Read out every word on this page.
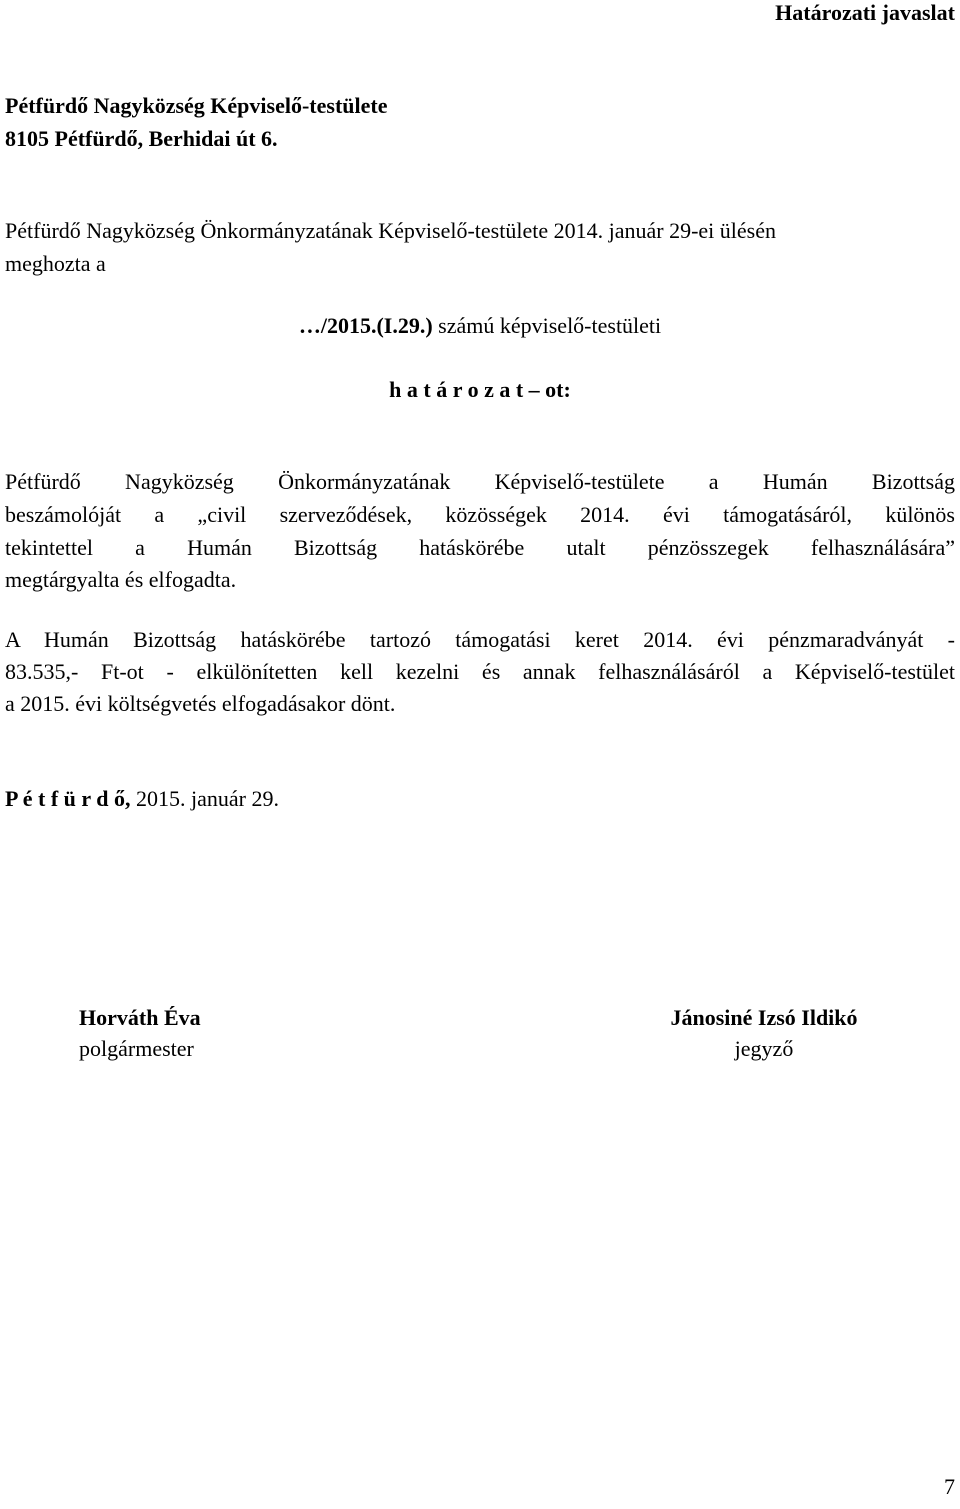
Határozati javaslat
Pétfürdő Nagyközség Képviselő-testülete
8105 Pétfürdő, Berhidai út 6.
Pétfürdő Nagyközség Önkormányzatának Képviselő-testülete 2014. január 29-ei ülésén
meghozta a
…/2015.(I.29.) számú képviselő-testületi
h a t á r o z a t – ot:
Pétfürdő Nagyközség Önkormányzatának Képviselő-testülete a Humán Bizottság
beszámolóját a „civil szerveződések, közösségek 2014. évi támogatásáról, különös
tekintettel a Humán Bizottság hatáskörébe utalt pénzösszegek felhasználására”
megtárgyalta és elfogadta.
A Humán Bizottság hatáskörébe tartozó támogatási keret 2014. évi pénzmaradványát -
83.535,- Ft-ot - elkülönítetten kell kezelni és annak felhasználásáról a Képviselő-testület
a 2015. évi költségvetés elfogadásakor dönt.
P é t f ü r d ő, 2015. január 29.
Horváth Éva
polgármester
Jánosiné Izsó Ildikó
jegyző
7
